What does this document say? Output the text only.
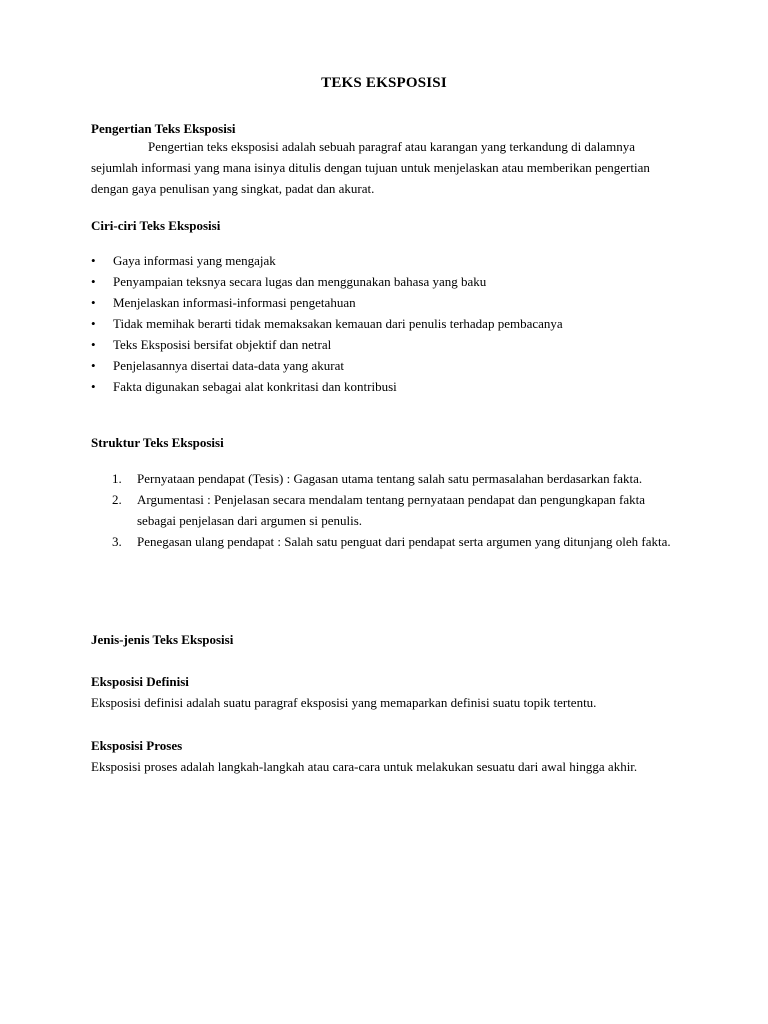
TEKS EKSPOSISI
Pengertian Teks Eksposisi
Pengertian teks eksposisi adalah sebuah paragraf atau karangan yang terkandung di dalamnya sejumlah informasi yang mana isinya ditulis dengan tujuan untuk menjelaskan atau memberikan pengertian dengan gaya penulisan yang singkat, padat dan akurat.
Ciri-ciri Teks Eksposisi
• Gaya informasi yang mengajak
• Penyampaian teksnya secara lugas dan menggunakan bahasa yang baku
• Menjelaskan informasi-informasi pengetahuan
• Tidak memihak berarti tidak memaksakan kemauan dari penulis terhadap pembacanya
• Teks Eksposisi bersifat objektif dan netral
• Penjelasannya disertai data-data yang akurat
• Fakta digunakan sebagai alat konkritasi dan kontribusi
Struktur Teks Eksposisi
1. Pernyataan pendapat (Tesis) : Gagasan utama tentang salah satu permasalahan berdasarkan fakta.
2. Argumentasi : Penjelasan secara mendalam tentang pernyataan pendapat dan pengungkapan fakta sebagai penjelasan dari argumen si penulis.
3. Penegasan ulang pendapat : Salah satu penguat dari pendapat serta argumen yang ditunjang oleh fakta.
Jenis-jenis Teks Eksposisi
Eksposisi Definisi
Eksposisi definisi adalah suatu paragraf eksposisi yang memaparkan definisi suatu topik tertentu.
Eksposisi Proses
Eksposisi proses adalah langkah-langkah atau cara-cara untuk melakukan sesuatu dari awal hingga akhir.
